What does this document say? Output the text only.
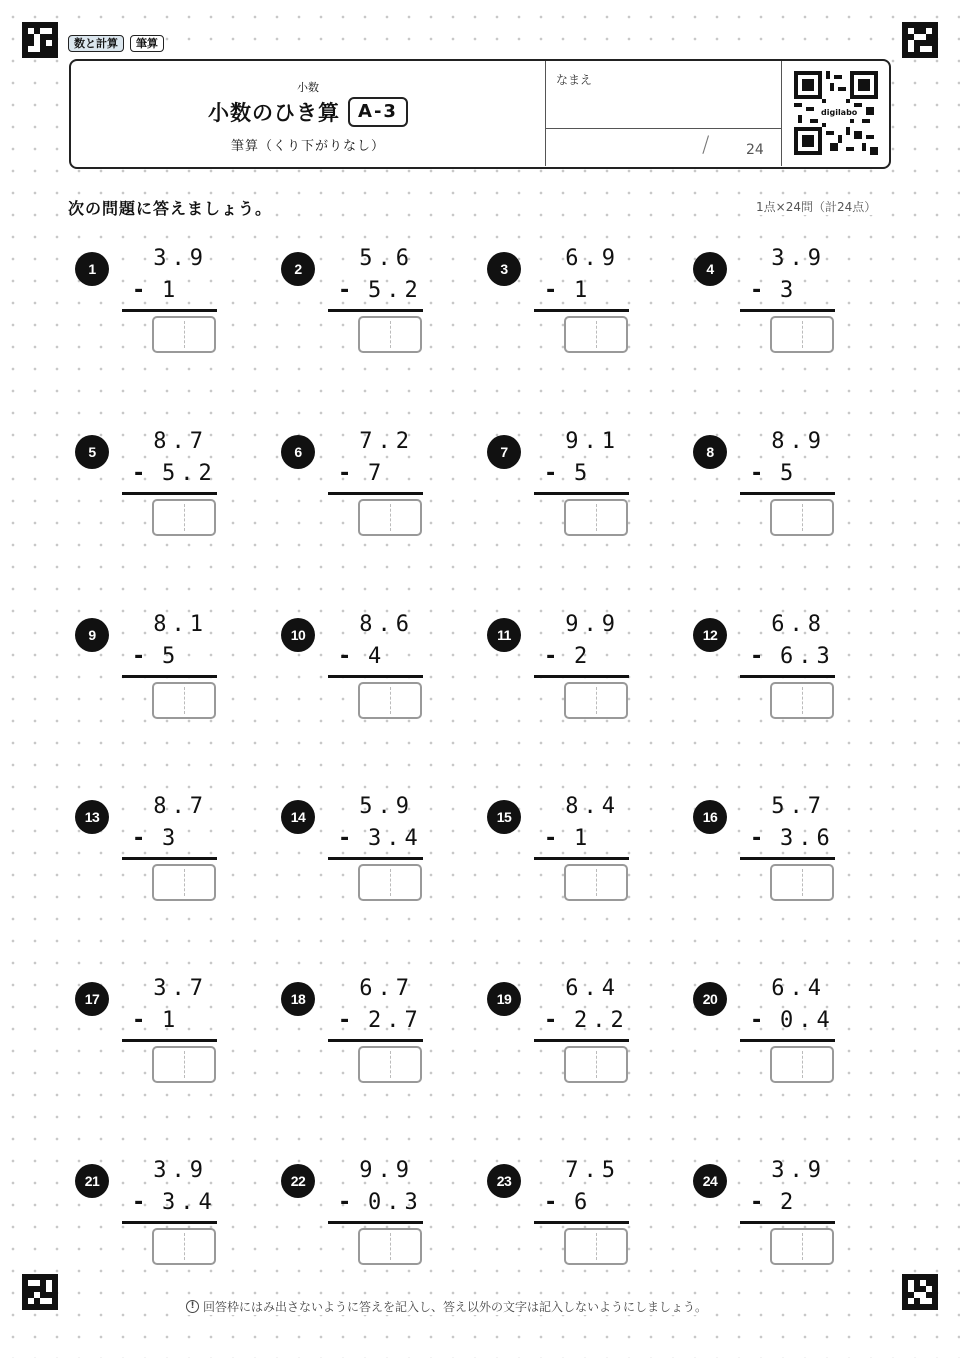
数と計算	筆算
小数
小数のひき算	A-3
筆算（くり下がりなし）
なまえ
/	24
digilabo
次の問題に答えましょう。	1点×24問（計24点）
1	3.9
- 1
2	5.6
- 5.2
3	6.9
- 1
4	3.9
- 3
5	8.7
- 5.2
6	7.2
- 7
7	9.1
- 5
8	8.9
- 5
9	8.1
- 5
10	8.6
- 4
11	9.9
- 2
12	6.8
- 6.3
13	8.7
- 3
14	5.9
- 3.4
15	8.4
- 1
16	5.7
- 3.6
17	3.7
- 1
18	6.7
- 2.7
19	6.4
- 2.2
20	6.4
- 0.4
21	3.9
- 3.4
22	9.9
- 0.3
23	7.5
- 6
24	3.9
- 2
! 回答枠にはみ出さないように答えを記入し、答え以外の文字は記入しないようにしましょう。
